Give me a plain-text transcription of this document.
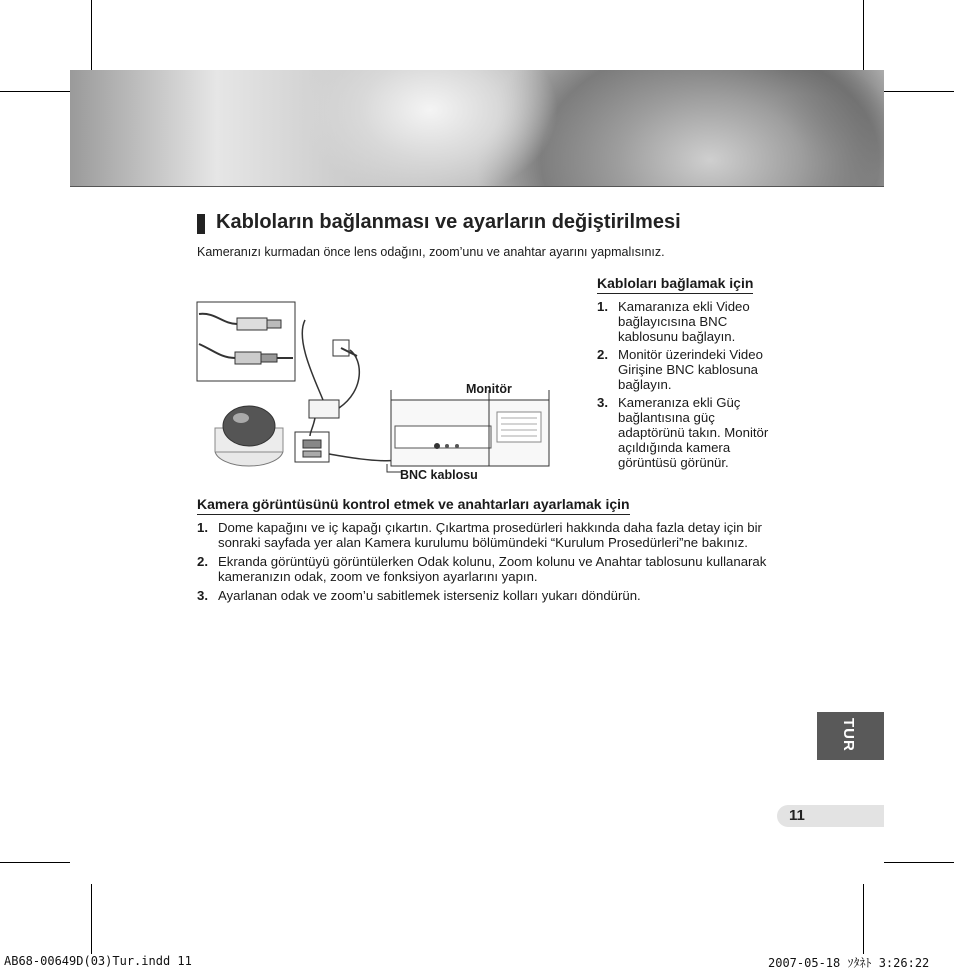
Kabloların bağlanması ve ayarların değiştirilmesi
Kameranızı kurmadan önce lens odağını, zoom’unu ve anahtar ayarını yapmalısınız.
Monitör
BNC kablosu
Kabloları bağlamak için
1. Kamaranıza ekli Video bağlayıcısına BNC kablosunu bağlayın.
2. Monitör üzerindeki Video Girişine BNC kablosuna bağlayın.
3. Kameranıza ekli Güç bağlantısına güç adaptörünü takın. Monitör açıldığında kamera görüntüsü görünür.
Kamera görüntüsünü kontrol etmek ve anahtarları ayarlamak için
1. Dome kapağını ve iç kapağı çıkartın. Çıkartma prosedürleri hakkında daha fazla detay için bir sonraki sayfada yer alan Kamera kurulumu bölümündeki “Kurulum Prosedürleri”ne bakınız.
2. Ekranda görüntüyü görüntülerken Odak kolunu, Zoom kolunu ve Anahtar tablosunu kullanarak kameranızın odak, zoom ve fonksiyon ayarlarını yapın.
3. Ayarlanan odak ve zoom’u sabitlemek isterseniz kolları yukarı döndürün.
TUR
11
AB68-00649D(03)Tur.indd 11	2007-05-18 ｿﾀﾈﾄ 3:26:22
